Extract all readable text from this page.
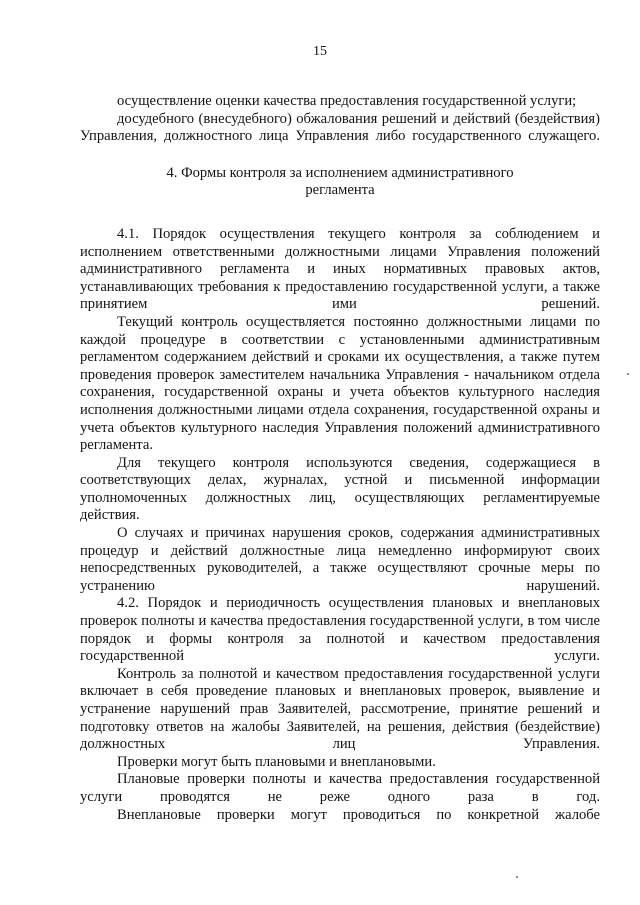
15

осуществление оценки качества предоставления государственной услуги;

досудебного (внесудебного) обжалования решений и действий (бездействия) Управления, должностного лица Управления либо государственного служащего.

4. Формы контроля за исполнением административного
регламента

4.1. Порядок осуществления текущего контроля за соблюдением и исполнением ответственными должностными лицами Управления положений административного регламента и иных нормативных правовых актов, устанавливающих требования к предоставлению государственной услуги, а также принятием ими решений.

Текущий контроль осуществляется постоянно должностными лицами по каждой процедуре в соответствии с установленными административным регламентом содержанием действий и сроками их осуществления, а также путем проведения проверок заместителем начальника Управления - начальником отдела сохранения, государственной охраны и учета объектов культурного наследия исполнения должностными лицами отдела сохранения, государственной охраны и учета объектов культурного наследия Управления положений административного регламента.

Для текущего контроля используются сведения, содержащиеся в соответствующих делах, журналах, устной и письменной информации уполномоченных должностных лиц, осуществляющих регламентируемые действия.

О случаях и причинах нарушения сроков, содержания административных процедур и действий должностные лица немедленно информируют своих непосредственных руководителей, а также осуществляют срочные меры по устранению нарушений.

4.2. Порядок и периодичность осуществления плановых и внеплановых проверок полноты и качества предоставления государственной услуги, в том числе порядок и формы контроля за полнотой и качеством предоставления государственной услуги.

Контроль за полнотой и качеством предоставления государственной услуги включает в себя проведение плановых и внеплановых проверок, выявление и устранение нарушений прав Заявителей, рассмотрение, принятие решений и подготовку ответов на жалобы Заявителей, на решения, действия (бездействие) должностных лиц Управления.

Проверки могут быть плановыми и внеплановыми.

Плановые проверки полноты и качества предоставления государственной услуги проводятся не реже одного раза в год.

Внеплановые проверки могут проводиться по конкретной жалобе
